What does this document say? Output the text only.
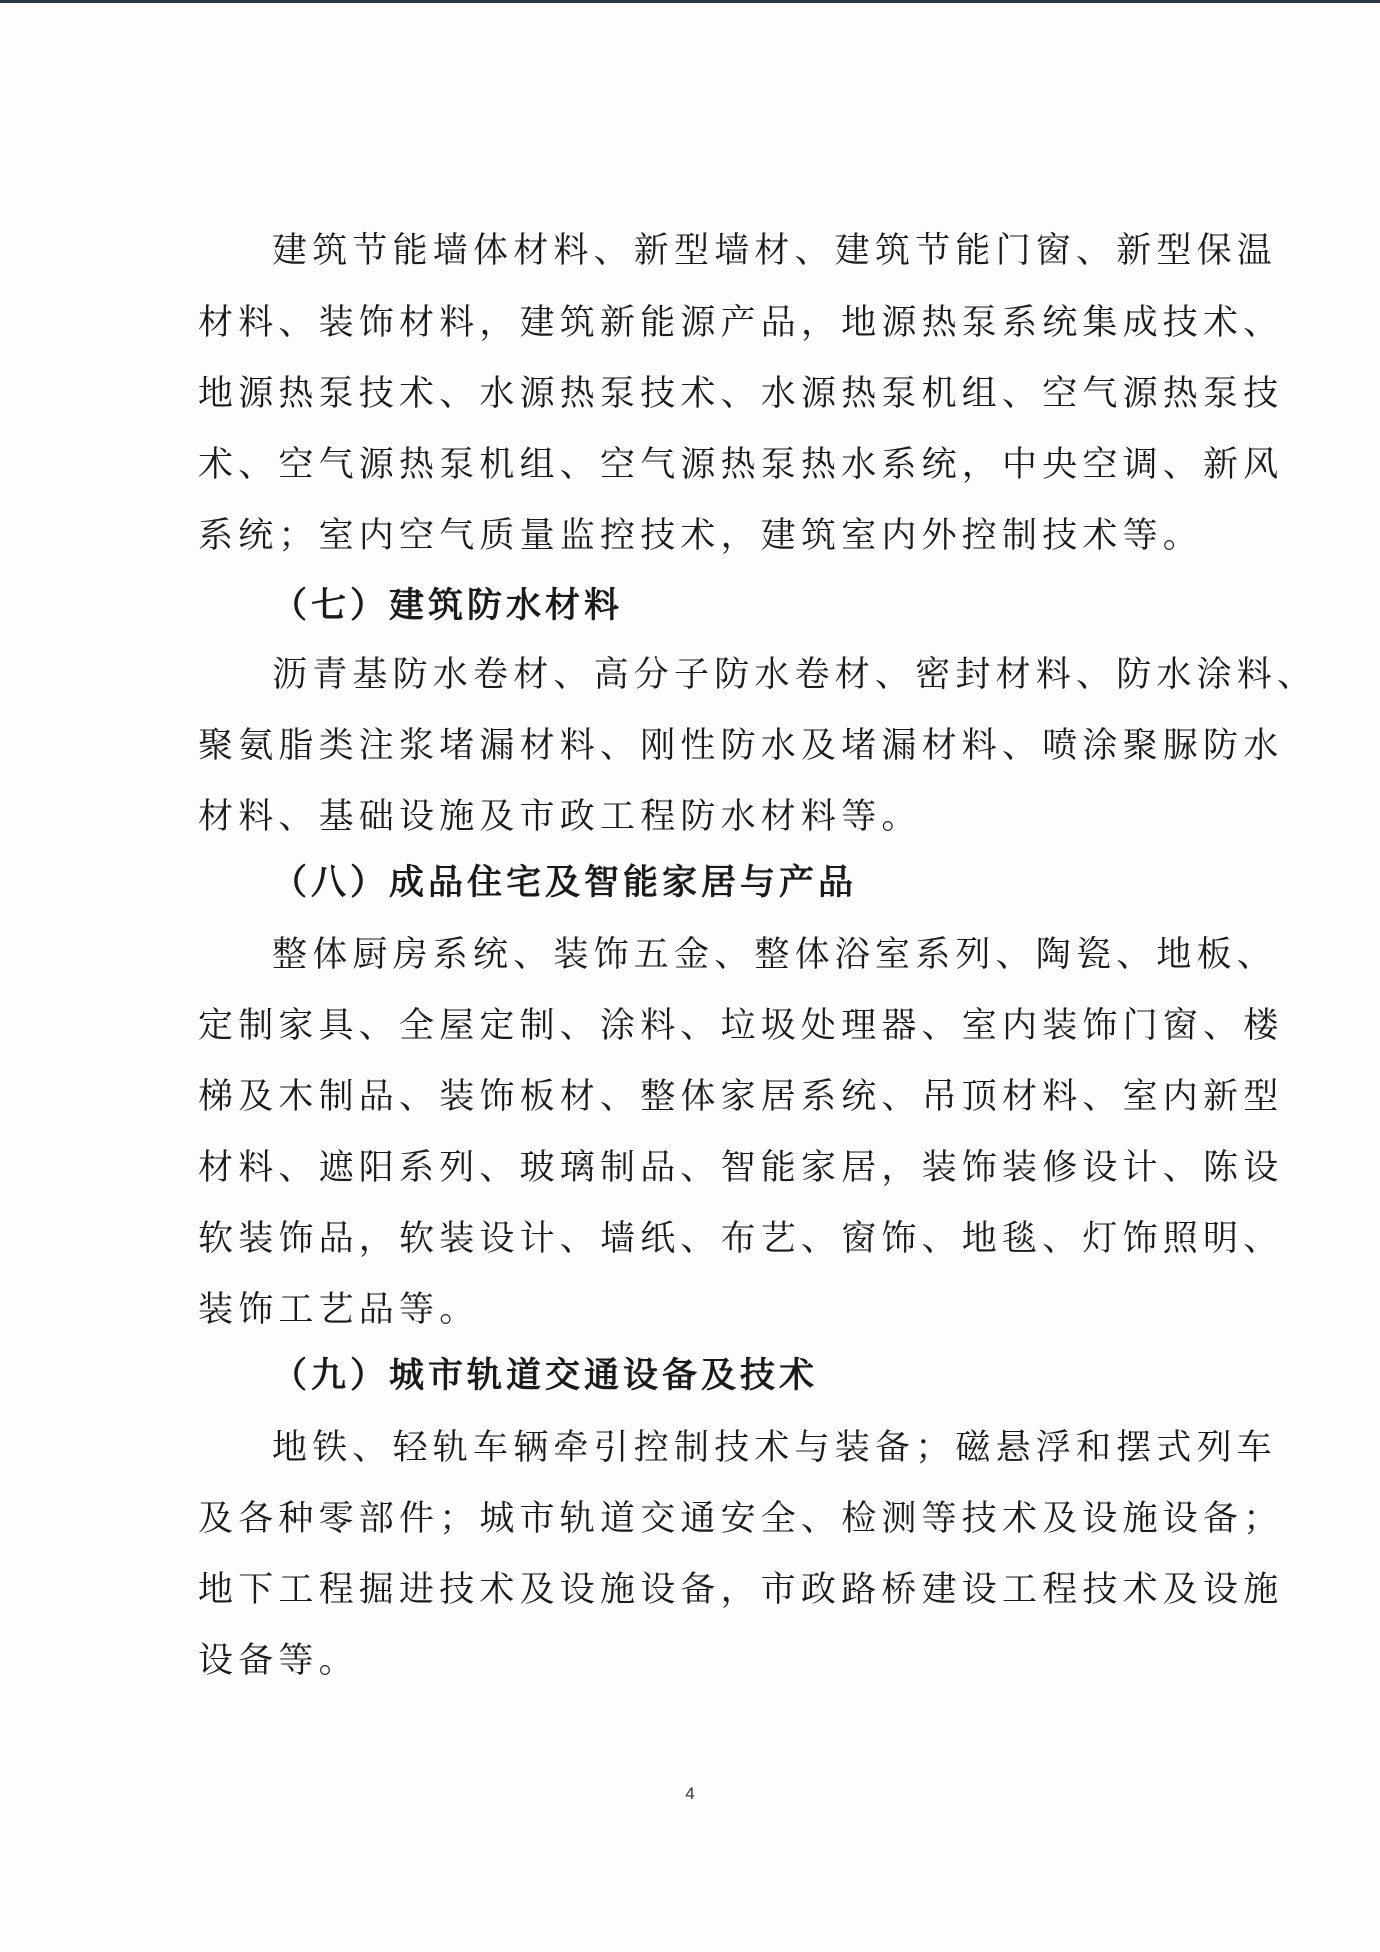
建筑节能墙体材料、新型墙材、建筑节能门窗、新型保温
材料、装饰材料，建筑新能源产品，地源热泵系统集成技术、
地源热泵技术、水源热泵技术、水源热泵机组、空气源热泵技
术、空气源热泵机组、空气源热泵热水系统，中央空调、新风
系统；室内空气质量监控技术，建筑室内外控制技术等。
（七）建筑防水材料
沥青基防水卷材、高分子防水卷材、密封材料、防水涂料、
聚氨脂类注浆堵漏材料、刚性防水及堵漏材料、喷涂聚脲防水
材料、基础设施及市政工程防水材料等。
（八）成品住宅及智能家居与产品
整体厨房系统、装饰五金、整体浴室系列、陶瓷、地板、
定制家具、全屋定制、涂料、垃圾处理器、室内装饰门窗、楼
梯及木制品、装饰板材、整体家居系统、吊顶材料、室内新型
材料、遮阳系列、玻璃制品、智能家居，装饰装修设计、陈设
软装饰品，软装设计、墙纸、布艺、窗饰、地毯、灯饰照明、
装饰工艺品等。
（九）城市轨道交通设备及技术
地铁、轻轨车辆牵引控制技术与装备；磁悬浮和摆式列车
及各种零部件；城市轨道交通安全、检测等技术及设施设备；
地下工程掘进技术及设施设备，市政路桥建设工程技术及设施
设备等。
4
